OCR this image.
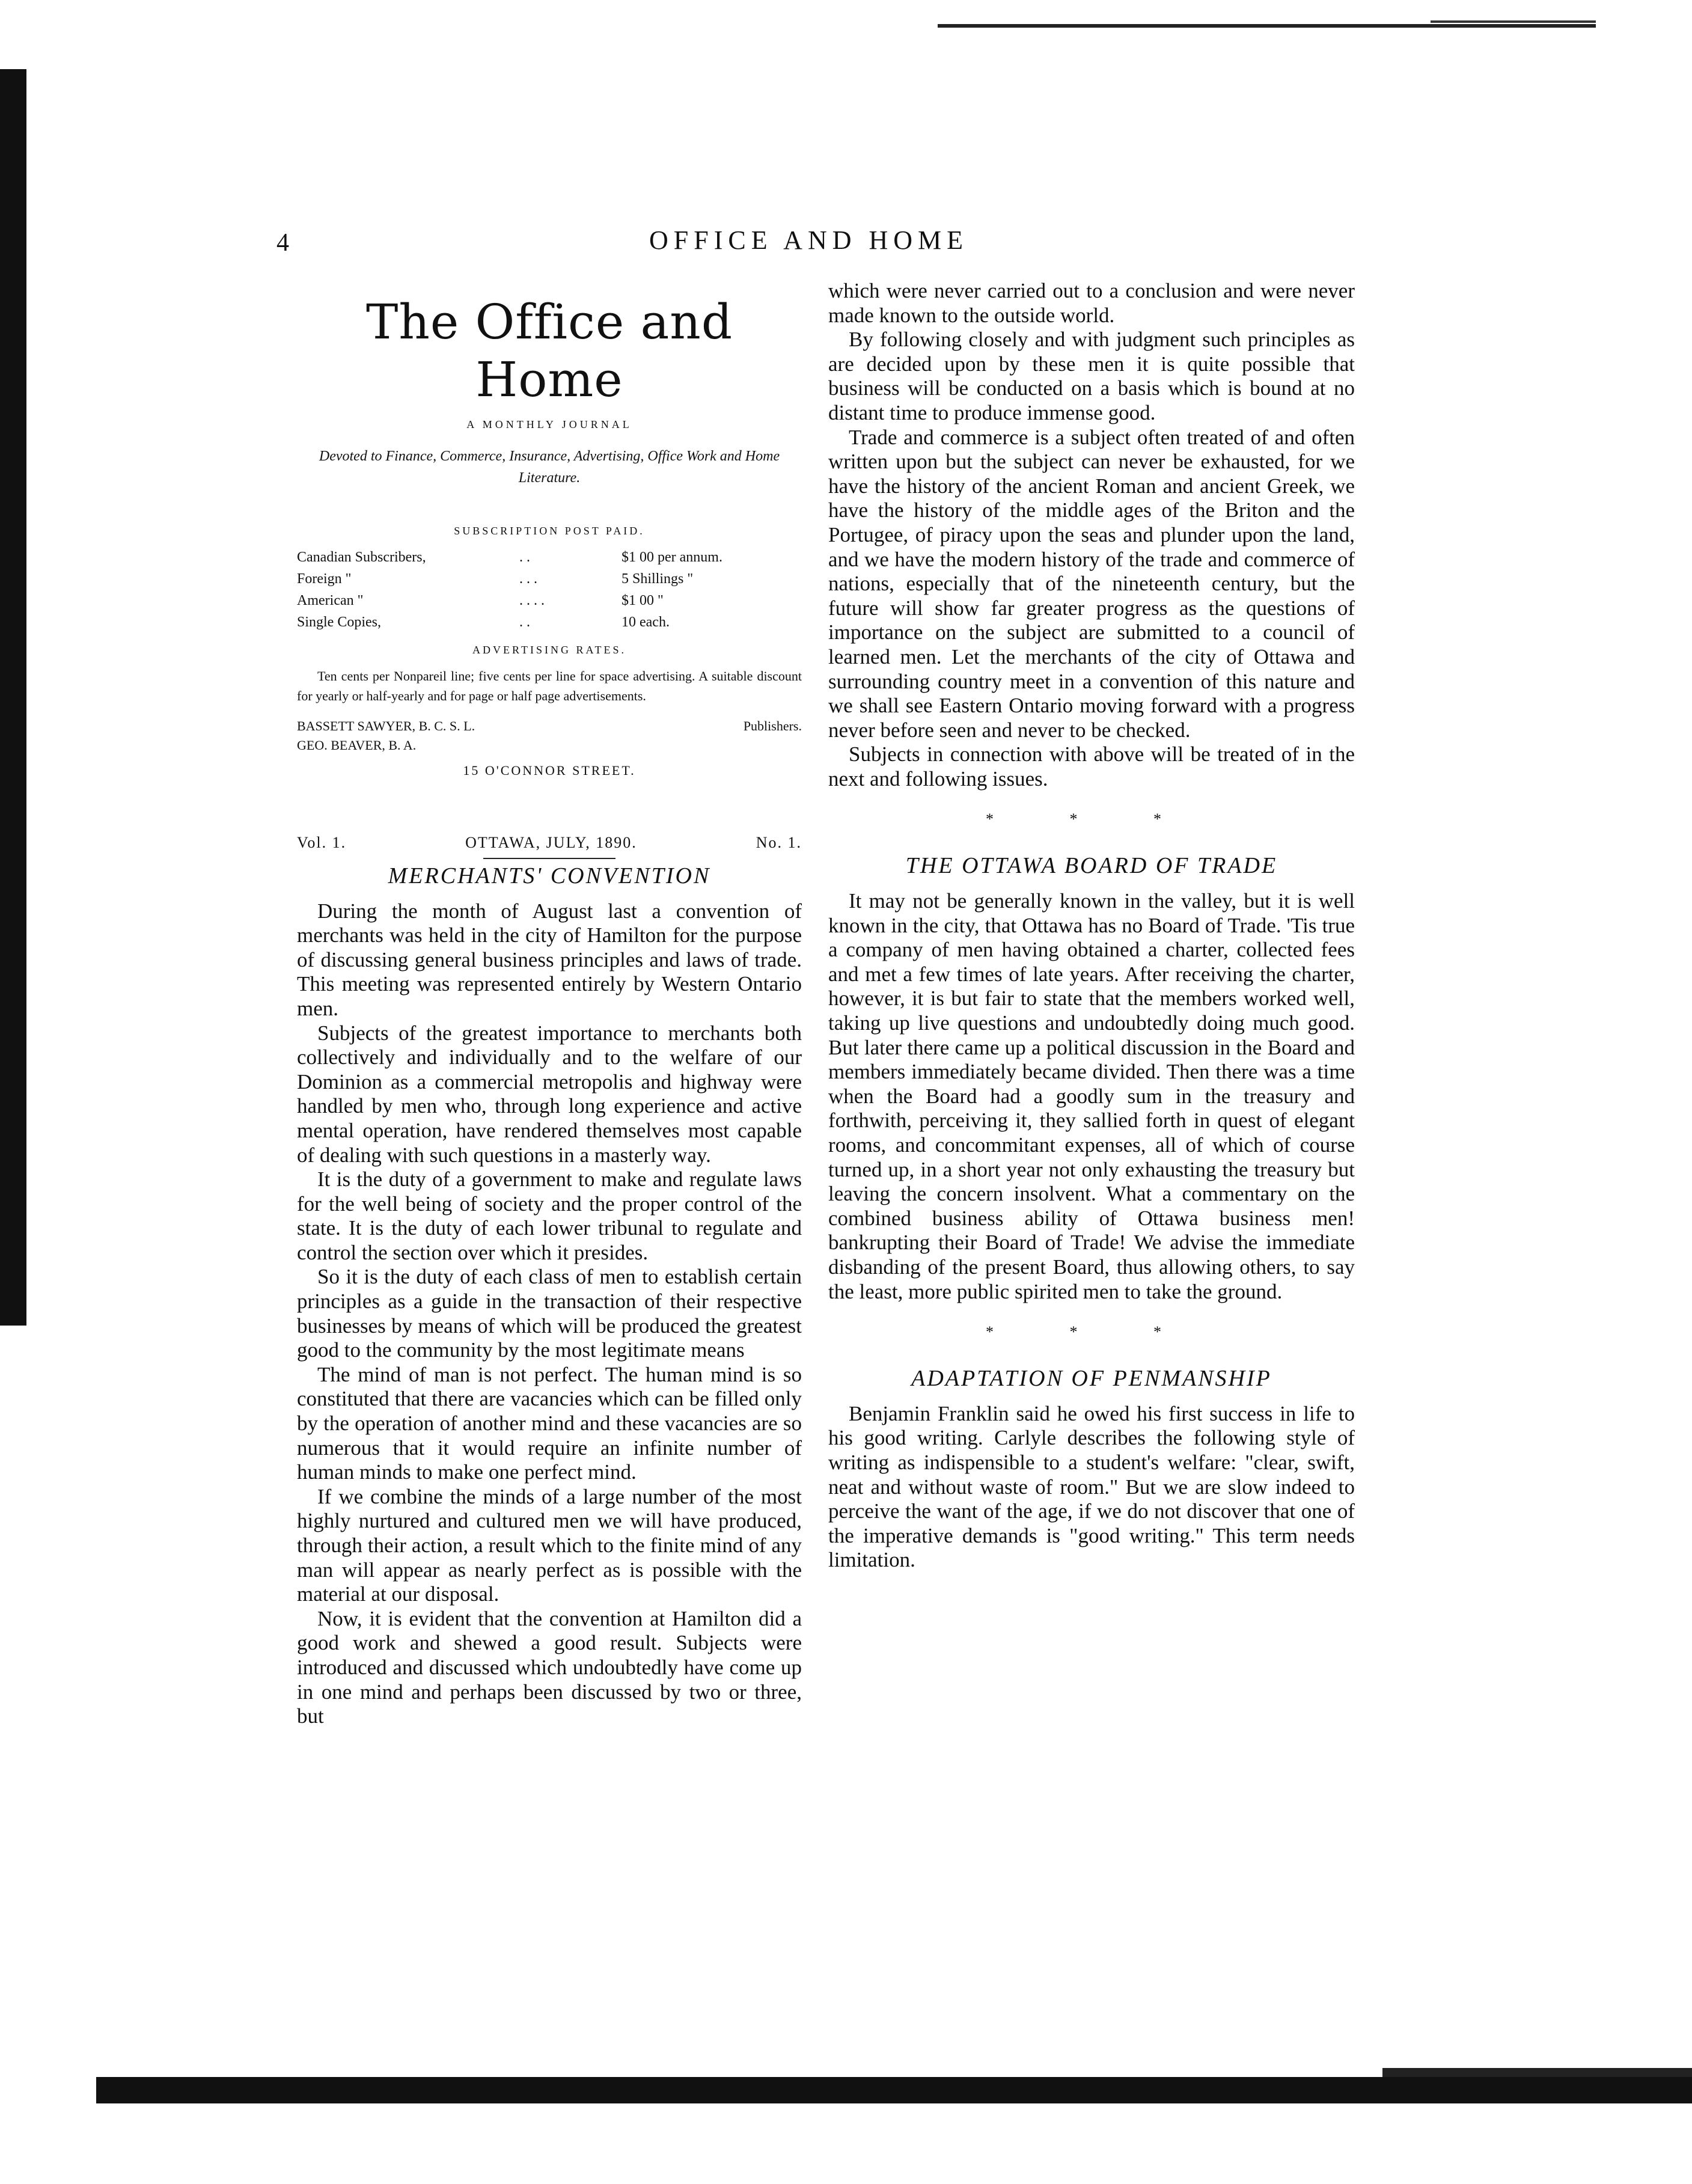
4	OFFICE AND HOME
The Office and Home
A MONTHLY JOURNAL
Devoted to Finance, Commerce, Insurance, Advertising, Office Work and Home Literature.
SUBSCRIPTION POST PAID.
Canadian Subscribers,	. .	$1 00 per annum.
Foreign "	. . .	5 Shillings "
American "	. . . .	$1 00 "
Single Copies,	. .	10 each.
ADVERTISING RATES.
Ten cents per Nonpareil line; five cents per line for space advertising. A suitable discount for yearly or half-yearly and for page or half page advertisements.
BASSETT SAWYER, B. C. S. L.	Publishers.
GEO. BEAVER, B. A.
15 O'CONNOR STREET.
Vol. 1.	OTTAWA, JULY, 1890.	No. 1.
MERCHANTS' CONVENTION

During the month of August last a convention of merchants was held in the city of Hamilton for the purpose of discussing general business principles and laws of trade. This meeting was represented entirely by Western Ontario men.

Subjects of the greatest importance to merchants both collectively and individually and to the welfare of our Dominion as a commercial metropolis and highway were handled by men who, through long experience and active mental operation, have rendered themselves most capable of dealing with such questions in a masterly way.

It is the duty of a government to make and regulate laws for the well being of society and the proper control of the state. It is the duty of each lower tribunal to regulate and control the section over which it presides.

So it is the duty of each class of men to establish certain principles as a guide in the transaction of their respective businesses by means of which will be produced the greatest good to the community by the most legitimate means

The mind of man is not perfect. The human mind is so constituted that there are vacancies which can be filled only by the operation of another mind and these vacancies are so numerous that it would require an infinite number of human minds to make one perfect mind.

If we combine the minds of a large number of the most highly nurtured and cultured men we will have produced, through their action, a result which to the finite mind of any man will appear as nearly perfect as is possible with the material at our disposal.

Now, it is evident that the convention at Hamilton did a good work and shewed a good result. Subjects were introduced and discussed which undoubtedly have come up in one mind and perhaps been discussed by two or three, but

which were never carried out to a conclusion and were never made known to the outside world.

By following closely and with judgment such principles as are decided upon by these men it is quite possible that business will be conducted on a basis which is bound at no distant time to produce immense good.

Trade and commerce is a subject often treated of and often written upon but the subject can never be exhausted, for we have the history of the ancient Roman and ancient Greek, we have the history of the middle ages of the Briton and the Portugee, of piracy upon the seas and plunder upon the land, and we have the modern history of the trade and commerce of nations, especially that of the nineteenth century, but the future will show far greater progress as the questions of importance on the subject are submitted to a council of learned men. Let the merchants of the city of Ottawa and surrounding country meet in a convention of this nature and we shall see Eastern Ontario moving forward with a progress never before seen and never to be checked.

Subjects in connection with above will be treated of in the next and following issues.

* * *
THE OTTAWA BOARD OF TRADE

It may not be generally known in the valley, but it is well known in the city, that Ottawa has no Board of Trade. 'Tis true a company of men having obtained a charter, collected fees and met a few times of late years. After receiving the charter, however, it is but fair to state that the members worked well, taking up live questions and undoubtedly doing much good. But later there came up a political discussion in the Board and members immediately became divided. Then there was a time when the Board had a goodly sum in the treasury and forthwith, perceiving it, they sallied forth in quest of elegant rooms, and concommitant expenses, all of which of course turned up, in a short year not only exhausting the treasury but leaving the concern insolvent. What a commentary on the combined business ability of Ottawa business men! bankrupting their Board of Trade! We advise the immediate disbanding of the present Board, thus allowing others, to say the least, more public spirited men to take the ground.

* * *
ADAPTATION OF PENMANSHIP

Benjamin Franklin said he owed his first success in life to his good writing. Carlyle describes the following style of writing as indispensible to a student's welfare: "clear, swift, neat and without waste of room." But we are slow indeed to perceive the want of the age, if we do not discover that one of the imperative demands is "good writing." This term needs limitation.
